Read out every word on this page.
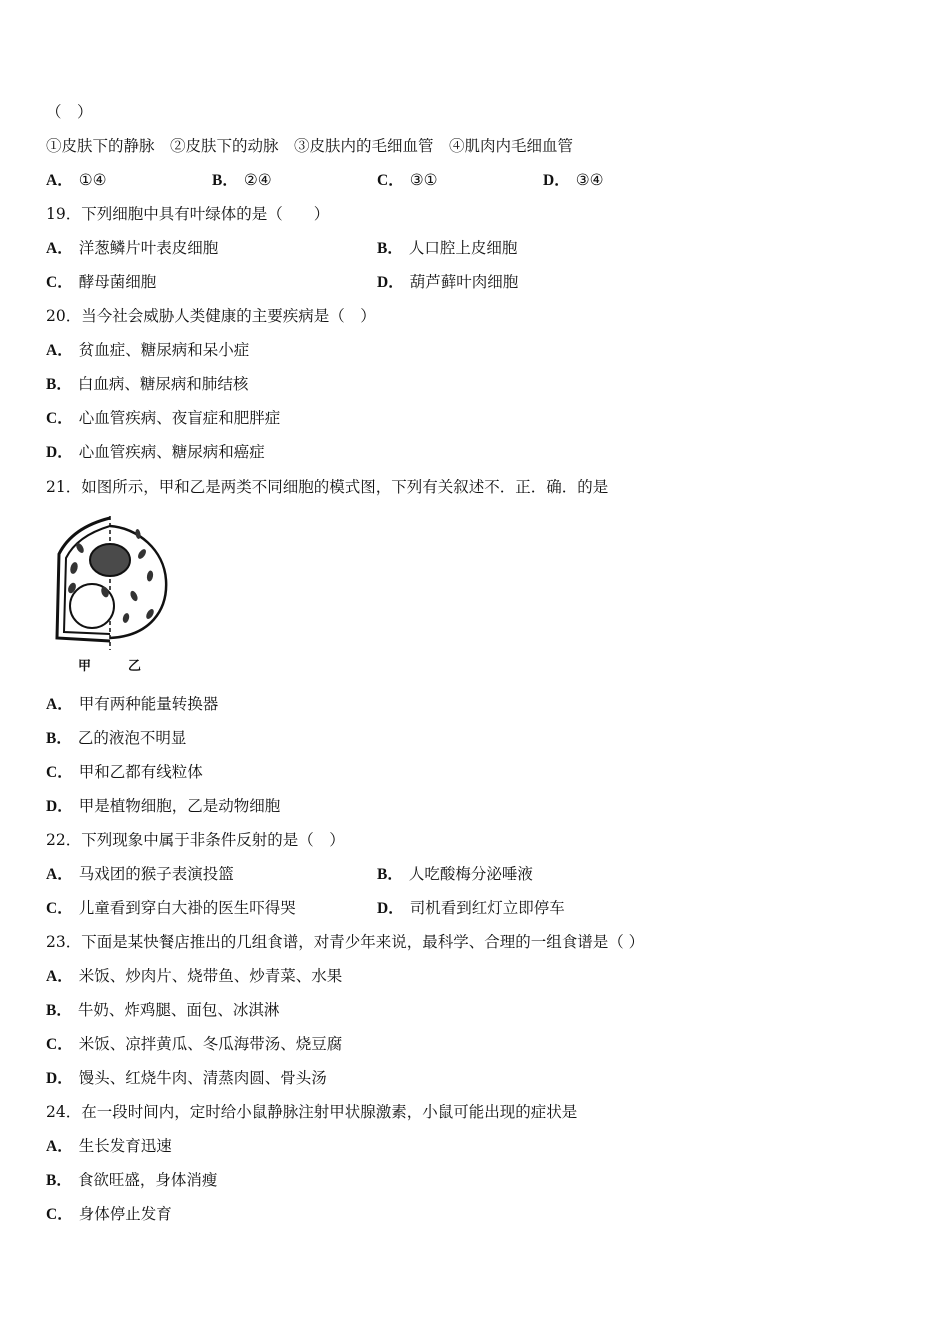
（　）
①皮肤下的静脉　②皮肤下的动脉　③皮肤内的毛细血管　④肌肉内毛细血管
A． ①④	B． ②④	C． ③①	D． ③④
19．下列细胞中具有叶绿体的是（　　）
A． 洋葱鳞片叶表皮细胞	B． 人口腔上皮细胞
C． 酵母菌细胞	D． 葫芦藓叶肉细胞
20．当今社会威胁人类健康的主要疾病是（　）
A． 贫血症、糖尿病和呆小症
B． 白血病、糖尿病和肺结核
C． 心血管疾病、夜盲症和肥胖症
D． 心血管疾病、糖尿病和癌症
21．如图所示，甲和乙是两类不同细胞的模式图，下列有关叙述不．正．确．的是
甲	乙
A． 甲有两种能量转换器
B． 乙的液泡不明显
C． 甲和乙都有线粒体
D． 甲是植物细胞，乙是动物细胞
22．下列现象中属于非条件反射的是（　）
A． 马戏团的猴子表演投篮	B． 人吃酸梅分泌唾液
C． 儿童看到穿白大褂的医生吓得哭	D． 司机看到红灯立即停车
23．下面是某快餐店推出的几组食谱，对青少年来说，最科学、合理的一组食谱是（ ）
A． 米饭、炒肉片、烧带鱼、炒青菜、水果
B． 牛奶、炸鸡腿、面包、冰淇淋
C． 米饭、凉拌黄瓜、冬瓜海带汤、烧豆腐
D． 馒头、红烧牛肉、清蒸肉圆、骨头汤
24．在一段时间内，定时给小鼠静脉注射甲状腺激素，小鼠可能出现的症状是
A． 生长发育迅速
B． 食欲旺盛，身体消瘦
C． 身体停止发育
